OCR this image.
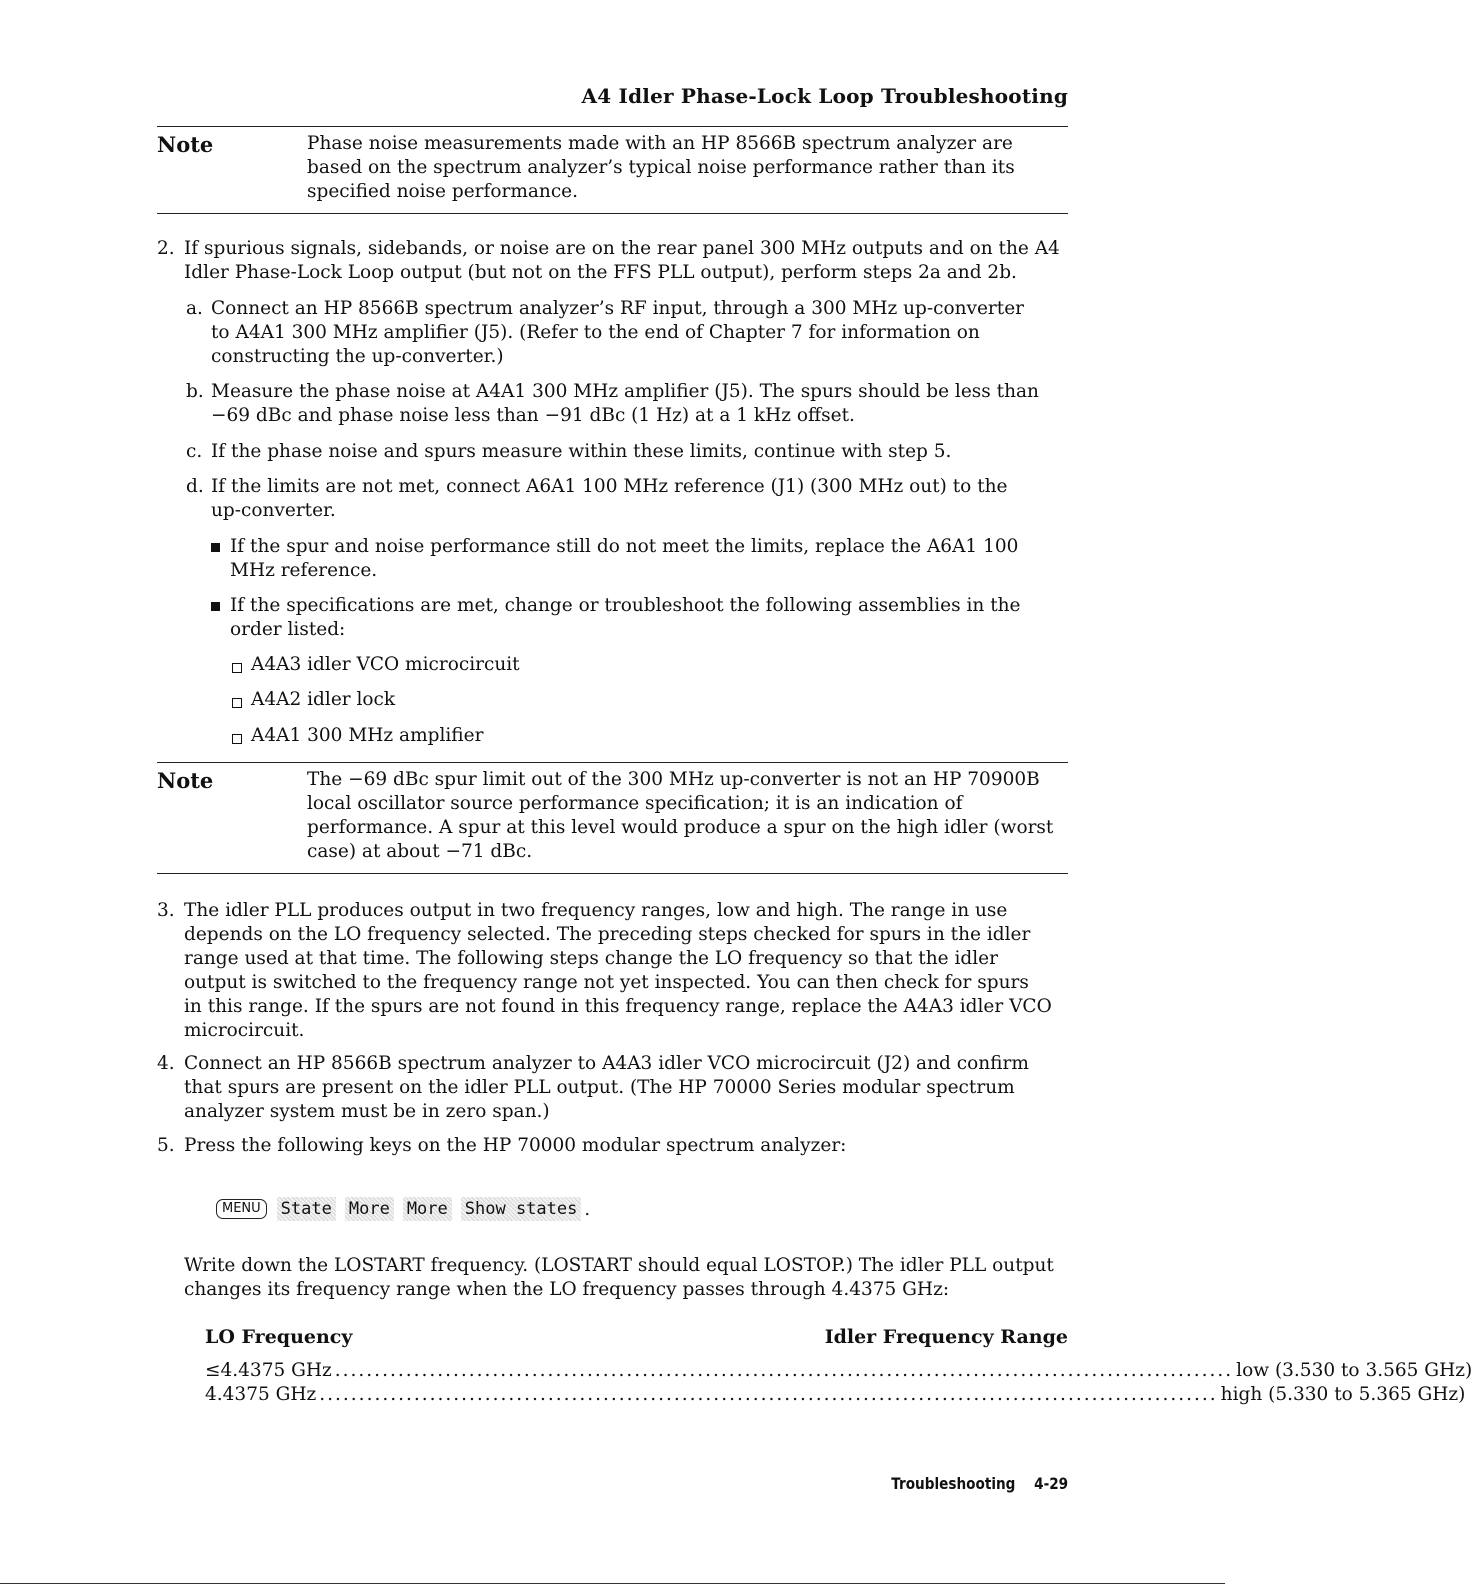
A4 Idler Phase-Lock Loop Troubleshooting
Note	Phase noise measurements made with an HP 8566B spectrum analyzer are
based on the spectrum analyzer’s typical noise performance rather than its
specified noise performance.
2. If spurious signals, sidebands, or noise are on the rear panel 300 MHz outputs and on the A4
Idler Phase-Lock Loop output (but not on the FFS PLL output), perform steps 2a and 2b.
a. Connect an HP 8566B spectrum analyzer’s RF input, through a 300 MHz up-converter
to A4A1 300 MHz amplifier (J5). (Refer to the end of Chapter 7 for information on
constructing the up-converter.)
b. Measure the phase noise at A4A1 300 MHz amplifier (J5). The spurs should be less than
−69 dBc and phase noise less than −91 dBc (1 Hz) at a 1 kHz offset.
c. If the phase noise and spurs measure within these limits, continue with step 5.
d. If the limits are not met, connect A6A1 100 MHz reference (J1) (300 MHz out) to the
up-converter.
If the spur and noise performance still do not meet the limits, replace the A6A1 100
MHz reference.
If the specifications are met, change or troubleshoot the following assemblies in the
order listed:
A4A3 idler VCO microcircuit
A4A2 idler lock
A4A1 300 MHz amplifier
Note	The −69 dBc spur limit out of the 300 MHz up-converter is not an HP 70900B
local oscillator source performance specification; it is an indication of
performance. A spur at this level would produce a spur on the high idler (worst
case) at about −71 dBc.
3. The idler PLL produces output in two frequency ranges, low and high. The range in use
depends on the LO frequency selected. The preceding steps checked for spurs in the idler
range used at that time. The following steps change the LO frequency so that the idler
output is switched to the frequency range not yet inspected. You can then check for spurs
in this range. If the spurs are not found in this frequency range, replace the A4A3 idler VCO
microcircuit.
4. Connect an HP 8566B spectrum analyzer to A4A3 idler VCO microcircuit (J2) and confirm
that spurs are present on the idler PLL output. (The HP 70000 Series modular spectrum
analyzer system must be in zero span.)
5. Press the following keys on the HP 70000 modular spectrum analyzer:
MENU	State More More Show states .
Write down the LOSTART frequency. (LOSTART should equal LOSTOP.) The idler PLL output
changes its frequency range when the LO frequency passes through 4.4375 GHz:
LO Frequency	Idler Frequency Range
≤4.4375 GHz .................................................................................................................. low (3.530 to 3.565 GHz)
4.4375 GHz .................................................................................................................. high (5.330 to 5.365 GHz)
Troubleshooting 4-29
